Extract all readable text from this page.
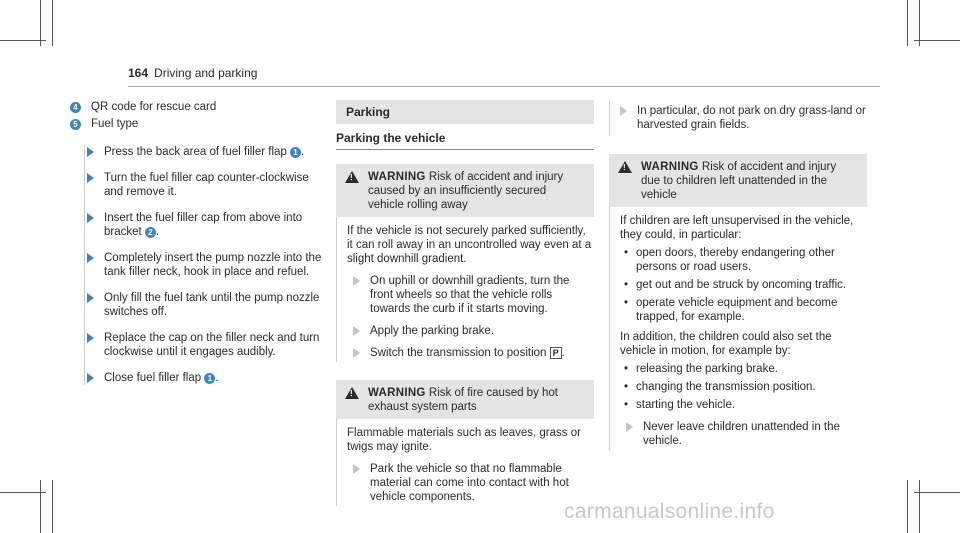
164 Driving and parking
4 QR code for rescue card
5 Fuel type
Press the back area of fuel filler flap 1 .
Turn the fuel filler cap counter-clockwise and remove it.
Insert the fuel filler cap from above into bracket 2 .
Completely insert the pump nozzle into the tank filler neck, hook in place and refuel.
Only fill the fuel tank until the pump nozzle switches off.
Replace the cap on the filler neck and turn clockwise until it engages audibly.
Close fuel filler flap 1 .
Parking
Parking the vehicle
!
WARNING Risk of accident and injury caused by an insufficiently secured vehicle rolling away

If the vehicle is not securely parked sufficiently, it can roll away in an uncontrolled way even at a slight downhill gradient.

On uphill or downhill gradients, turn the front wheels so that the vehicle rolls towards the curb if it starts moving.
Apply the parking brake.
Switch the transmission to position P .
!
WARNING Risk of fire caused by hot exhaust system parts

Flammable materials such as leaves, grass or twigs may ignite.

Park the vehicle so that no flammable material can come into contact with hot vehicle components.
In particular, do not park on dry grass-land or harvested grain fields.
!
WARNING Risk of accident and injury due to children left unattended in the vehicle

If children are left unsupervised in the vehicle, they could, in particular:

• open doors, thereby endangering other persons or road users.
• get out and be struck by oncoming traffic.
• operate vehicle equipment and become trapped, for example.

In addition, the children could also set the vehicle in motion, for example by:

• releasing the parking brake.
• changing the transmission position.
• starting the vehicle.
Never leave children unattended in the vehicle.
carmanualsonline.info
